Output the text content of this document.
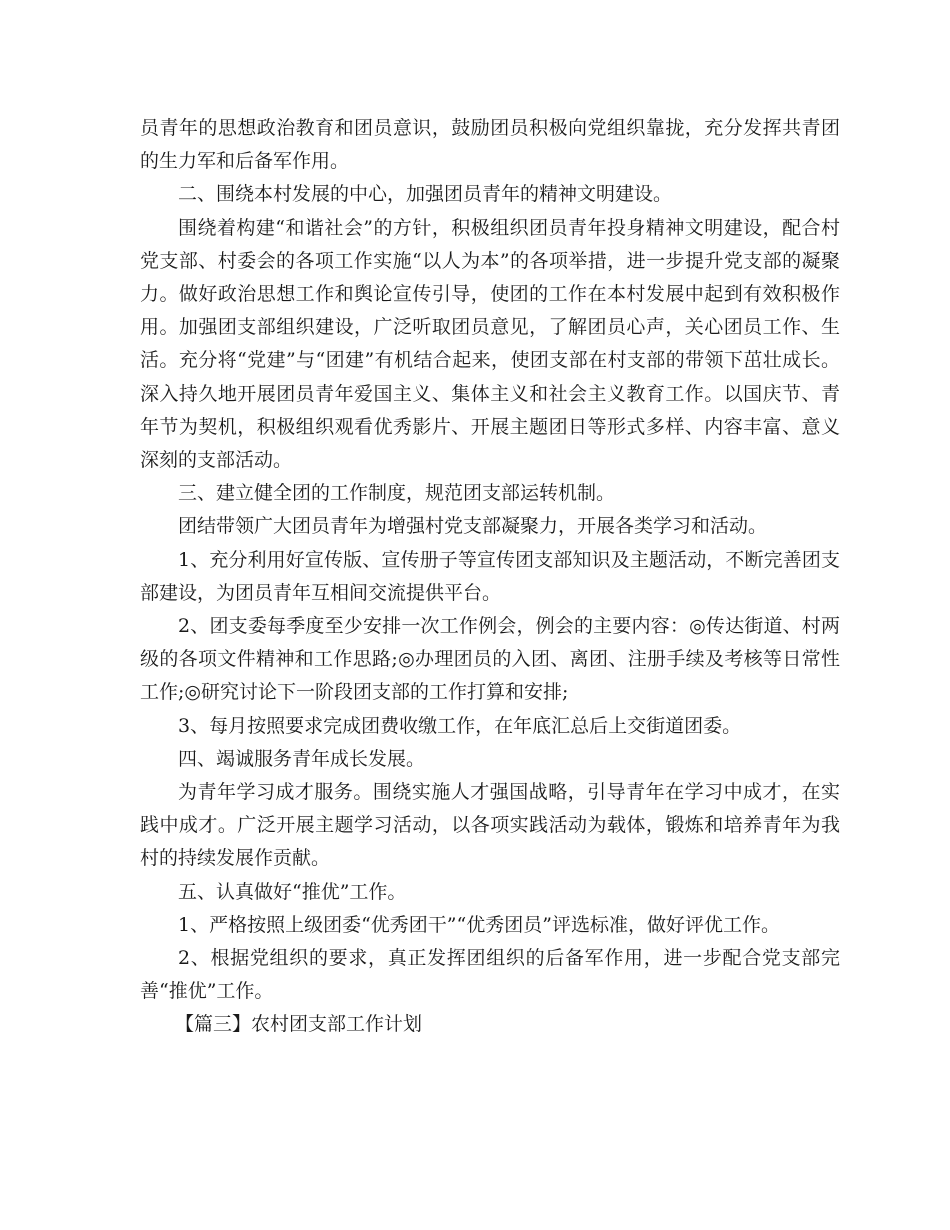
员青年的思想政治教育和团员意识，鼓励团员积极向党组织靠拢，充分发挥共青团的生力军和后备军作用。

二、围绕本村发展的中心，加强团员青年的精神文明建设。

围绕着构建“和谐社会”的方针，积极组织团员青年投身精神文明建设，配合村党支部、村委会的各项工作实施“以人为本”的各项举措，进一步提升党支部的凝聚力。做好政治思想工作和舆论宣传引导，使团的工作在本村发展中起到有效积极作用。加强团支部组织建设，广泛听取团员意见，了解团员心声，关心团员工作、生活。充分将“党建”与“团建”有机结合起来，使团支部在村支部的带领下茁壮成长。深入持久地开展团员青年爱国主义、集体主义和社会主义教育工作。以国庆节、青年节为契机，积极组织观看优秀影片、开展主题团日等形式多样、内容丰富、意义深刻的支部活动。

三、建立健全团的工作制度，规范团支部运转机制。

团结带领广大团员青年为增强村党支部凝聚力，开展各类学习和活动。

1、充分利用好宣传版、宣传册子等宣传团支部知识及主题活动，不断完善团支部建设，为团员青年互相间交流提供平台。

2、团支委每季度至少安排一次工作例会，例会的主要内容：◎传达街道、村两级的各项文件精神和工作思路;◎办理团员的入团、离团、注册手续及考核等日常性工作;◎研究讨论下一阶段团支部的工作打算和安排;

3、每月按照要求完成团费收缴工作，在年底汇总后上交街道团委。

四、竭诚服务青年成长发展。

为青年学习成才服务。围绕实施人才强国战略，引导青年在学习中成才，在实践中成才。广泛开展主题学习活动，以各项实践活动为载体，锻炼和培养青年为我村的持续发展作贡献。

五、认真做好“推优”工作。

1、严格按照上级团委“优秀团干”“优秀团员”评选标准，做好评优工作。

2、根据党组织的要求，真正发挥团组织的后备军作用，进一步配合党支部完善“推优”工作。

【篇三】农村团支部工作计划
